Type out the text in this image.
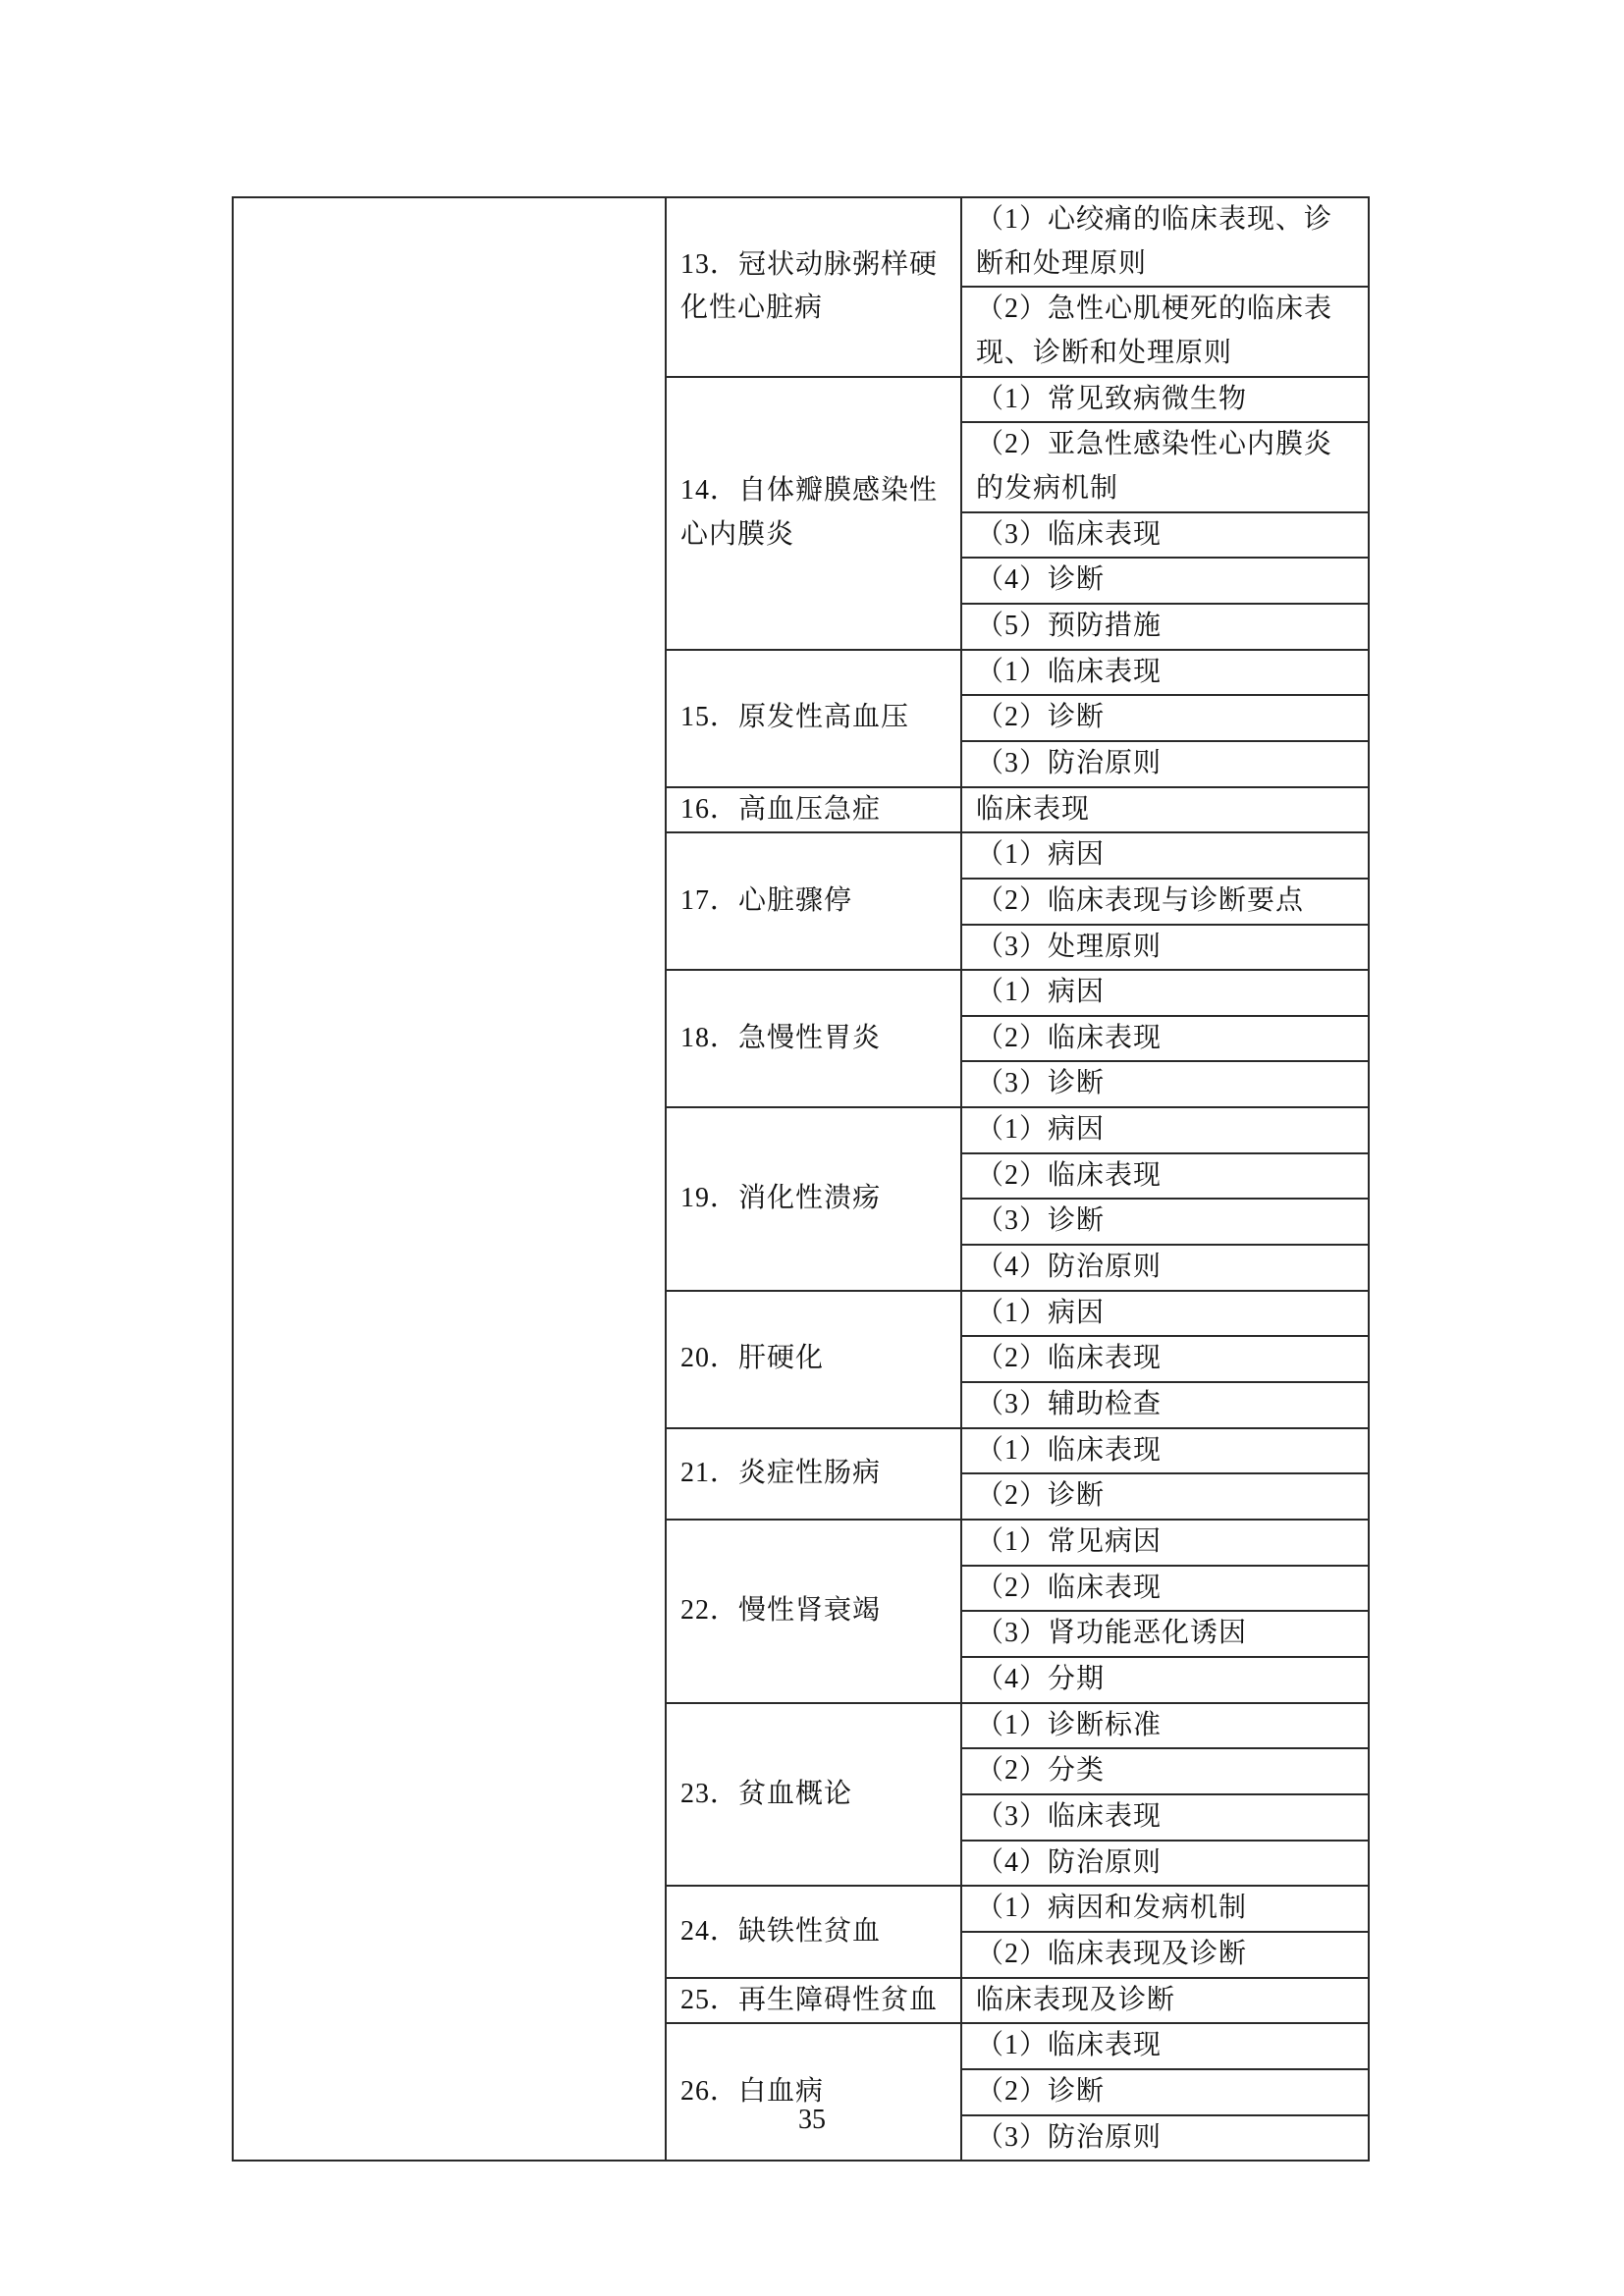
	13．冠状动脉粥样硬化性心脏病	（1）心绞痛的临床表现、诊断和处理原则
		（2）急性心肌梗死的临床表现、诊断和处理原则
	14．自体瓣膜感染性心内膜炎	（1）常见致病微生物
		（2）亚急性感染性心内膜炎的发病机制
		（3）临床表现
		（4）诊断
		（5）预防措施
	15．原发性高血压	（1）临床表现
		（2）诊断
		（3）防治原则
	16．高血压急症	临床表现
	17．心脏骤停	（1）病因
		（2）临床表现与诊断要点
		（3）处理原则
	18．急慢性胃炎	（1）病因
		（2）临床表现
		（3）诊断
	19．消化性溃疡	（1）病因
		（2）临床表现
		（3）诊断
		（4）防治原则
	20．肝硬化	（1）病因
		（2）临床表现
		（3）辅助检查
	21．炎症性肠病	（1）临床表现
		（2）诊断
	22．慢性肾衰竭	（1）常见病因
		（2）临床表现
		（3）肾功能恶化诱因
		（4）分期
	23．贫血概论	（1）诊断标准
		（2）分类
		（3）临床表现
		（4）防治原则
	24．缺铁性贫血	（1）病因和发病机制
		（2）临床表现及诊断
	25．再生障碍性贫血	临床表现及诊断
	26．白血病	（1）临床表现
		（2）诊断
		（3）防治原则
35
